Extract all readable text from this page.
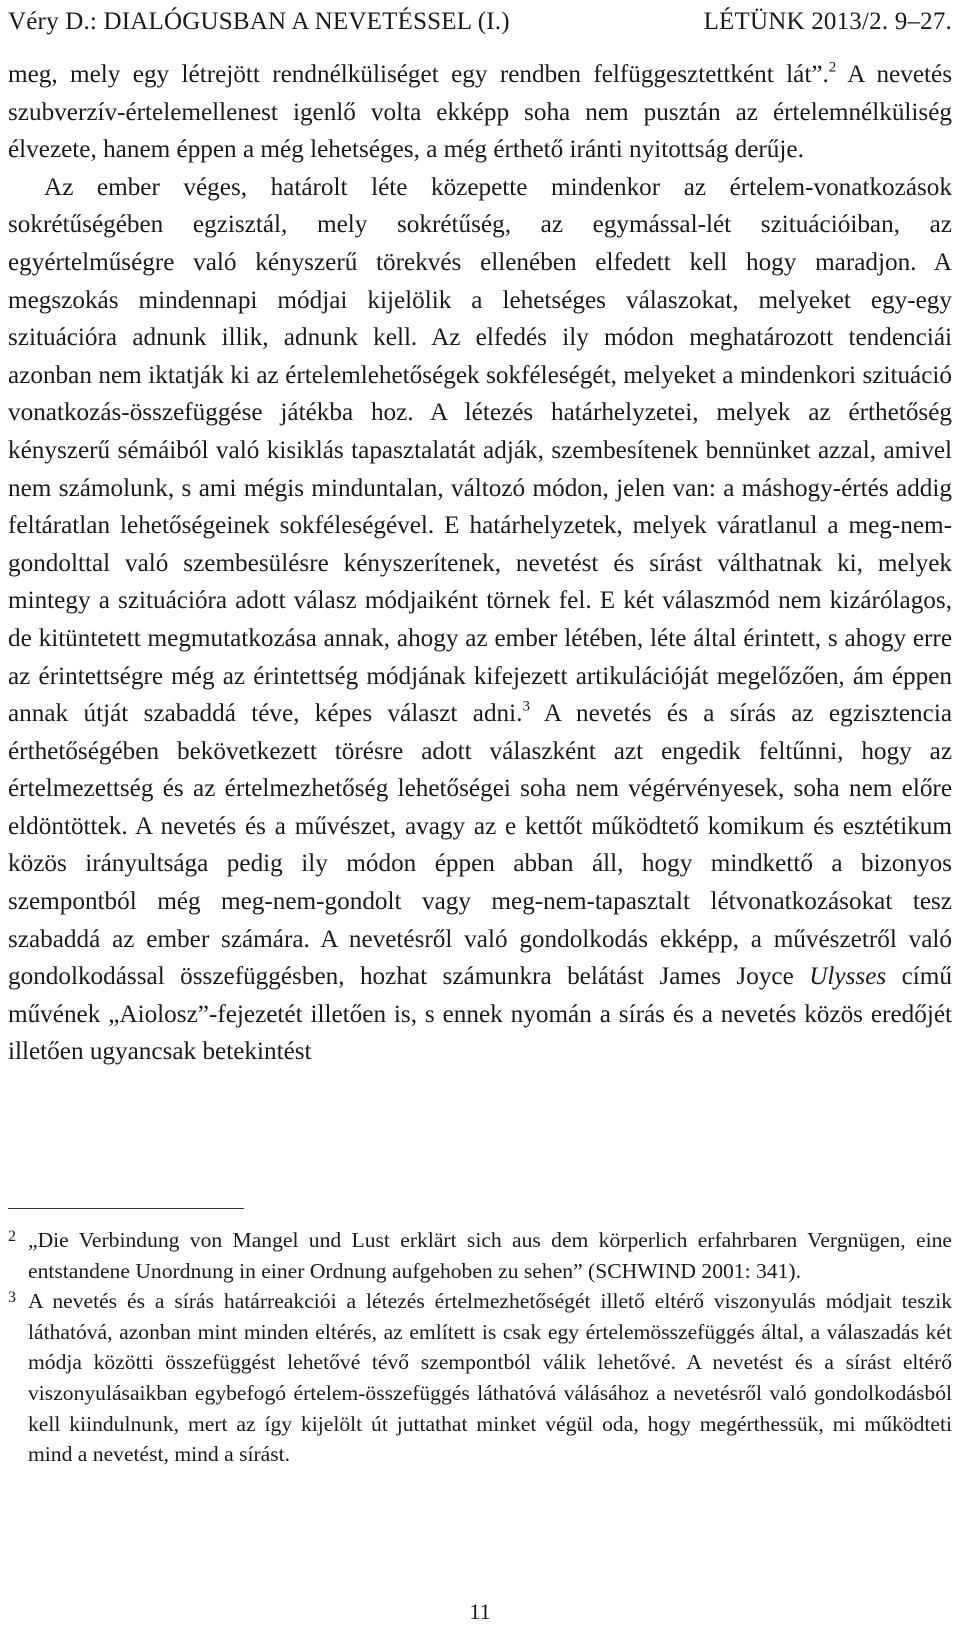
Véry D.: DIALÓGUSBAN A NEVETÉSSEL (I.)	LÉTÜNK 2013/2. 9–27.

meg, mely egy létrejött rendnélküliséget egy rendben felfüggesztettként lát”.$^2$ A nevetés szubverzív-értelemellenest igenlő volta ekképp soha nem pusztán az értelemnélküliség élvezete, hanem éppen a még lehetséges, a még érthető iránti nyitottság derűje.

Az ember véges, határolt léte közepette mindenkor az értelem-vonatkozások sokrétűségében egzisztál, mely sokrétűség, az egymással-lét szituációiban, az egyértelműségre való kényszerű törekvés ellenében elfedett kell hogy maradjon. A megszokás mindennapi módjai kijelölik a lehetséges válaszokat, melyeket egy-egy szituációra adnunk illik, adnunk kell. Az elfedés ily módon meghatározott tendenciái azonban nem iktatják ki az értelemlehetőségek sokféleségét, melyeket a mindenkori szituáció vonatkozás-összefüggése játékba hoz. A létezés határhelyzetei, melyek az érthetőség kényszerű sémáiból való kisiklás tapasztalatát adják, szembesítenek bennünket azzal, amivel nem számolunk, s ami mégis minduntalan, változó módon, jelen van: a máshogy-értés addig feltáratlan lehetőségeinek sokféleségével. E határhelyzetek, melyek váratlanul a meg-nem-gondolttal való szembesülésre kényszerítenek, nevetést és sírást válthatnak ki, melyek mintegy a szituációra adott válasz módjaiként törnek fel. E két válaszmód nem kizárólagos, de kitüntetett megmutatkozása annak, ahogy az ember létében, léte által érintett, s ahogy erre az érintettségre még az érintettség módjának kifejezett artikulációját megelőzően, ám éppen annak útját szabaddá téve, képes választ adni.$^3$ A nevetés és a sírás az egzisztencia érthetőségében bekövetkezett törésre adott válaszként azt engedik feltűnni, hogy az értelmezettség és az értelmezhetőség lehetőségei soha nem végérvényesek, soha nem előre eldöntöttek. A nevetés és a művészet, avagy az e kettőt működtető komikum és esztétikum közös irányultsága pedig ily módon éppen abban áll, hogy mindkettő a bizonyos szempontból még meg-nem-gondolt vagy meg-nem-tapasztalt létvonatkozásokat tesz szabaddá az ember számára. A nevetésről való gondolkodás ekképp, a művészetről való gondolkodással összefüggésben, hozhat számunkra belátást James Joyce Ulysses című művének „Aiolosz”-fejezetét illetően is, s ennek nyomán a sírás és a nevetés közös eredőjét illetően ugyancsak betekintést

2 „Die Verbindung von Mangel und Lust erklärt sich aus dem körperlich erfahrbaren Vergnügen, eine entstandene Unordnung in einer Ordnung aufgehoben zu sehen” (SCHWIND 2001: 341).

3 A nevetés és a sírás határreakciói a létezés értelmezhetőségét illető eltérő viszonyulás módjait teszik láthatóvá, azonban mint minden eltérés, az említett is csak egy értelemösszefüggés által, a válaszadás két módja közötti összefüggést lehetővé tévő szempontból válik lehetővé. A nevetést és a sírást eltérő viszonyulásaikban egybefogó értelem-összefüggés láthatóvá válásához a nevetésről való gondolkodásból kell kiindulnunk, mert az így kijelölt út juttathat minket végül oda, hogy megérthessük, mi működteti mind a nevetést, mind a sírást.

11
